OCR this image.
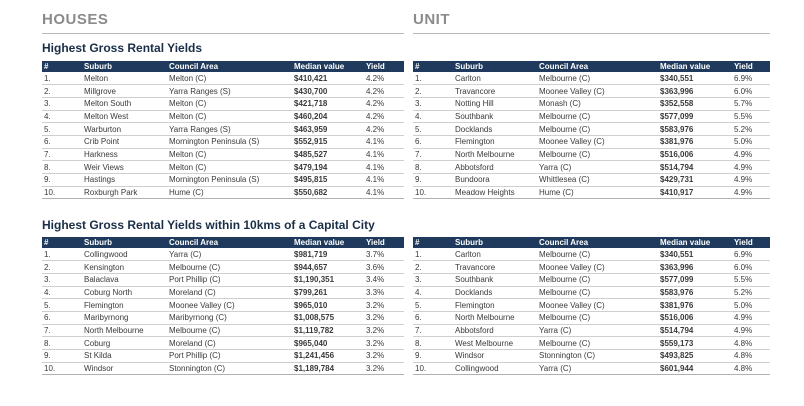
HOUSES	UNIT
Highest Gross Rental Yields
Highest Gross Rental Yields within 10kms of a Capital City
#	Suburb	Council Area	Median value	Yield
1.	Melton	Melton (C)	$410,421	4.2%
2.	Millgrove	Yarra Ranges (S)	$430,700	4.2%
3.	Melton South	Melton (C)	$421,718	4.2%
4.	Melton West	Melton (C)	$460,204	4.2%
5.	Warburton	Yarra Ranges (S)	$463,959	4.2%
6.	Crib Point	Mornington Peninsula (S)	$552,915	4.1%
7.	Harkness	Melton (C)	$485,527	4.1%
8.	Weir Views	Melton (C)	$479,194	4.1%
9.	Hastings	Mornington Peninsula (S)	$495,815	4.1%
10.	Roxburgh Park	Hume (C)	$550,682	4.1%
#	Suburb	Council Area	Median value	Yield
1.	Carlton	Melbourne (C)	$340,551	6.9%
2.	Travancore	Moonee Valley (C)	$363,996	6.0%
3.	Notting Hill	Monash (C)	$352,558	5.7%
4.	Southbank	Melbourne (C)	$577,099	5.5%
5.	Docklands	Melbourne (C)	$583,976	5.2%
6.	Flemington	Moonee Valley (C)	$381,976	5.0%
7.	North Melbourne	Melbourne (C)	$516,006	4.9%
8.	Abbotsford	Yarra (C)	$514,794	4.9%
9.	Bundoora	Whittlesea (C)	$429,731	4.9%
10.	Meadow Heights	Hume (C)	$410,917	4.9%
#	Suburb	Council Area	Median value	Yield
1.	Collingwood	Yarra (C)	$981,719	3.7%
2.	Kensington	Melbourne (C)	$944,657	3.6%
3.	Balaclava	Port Phillip (C)	$1,190,351	3.4%
4.	Coburg North	Moreland (C)	$799,261	3.3%
5.	Flemington	Moonee Valley (C)	$965,010	3.2%
6.	Maribyrnong	Maribyrnong (C)	$1,008,575	3.2%
7.	North Melbourne	Melbourne (C)	$1,119,782	3.2%
8.	Coburg	Moreland (C)	$965,040	3.2%
9.	St Kilda	Port Phillip (C)	$1,241,456	3.2%
10.	Windsor	Stonnington (C)	$1,189,784	3.2%
#	Suburb	Council Area	Median value	Yield
1.	Carlton	Melbourne (C)	$340,551	6.9%
2.	Travancore	Moonee Valley (C)	$363,996	6.0%
3.	Southbank	Melbourne (C)	$577,099	5.5%
4.	Docklands	Melbourne (C)	$583,976	5.2%
5.	Flemington	Moonee Valley (C)	$381,976	5.0%
6.	North Melbourne	Melbourne (C)	$516,006	4.9%
7.	Abbotsford	Yarra (C)	$514,794	4.9%
8.	West Melbourne	Melbourne (C)	$559,173	4.8%
9.	Windsor	Stonnington (C)	$493,825	4.8%
10.	Collingwood	Yarra (C)	$601,944	4.8%
